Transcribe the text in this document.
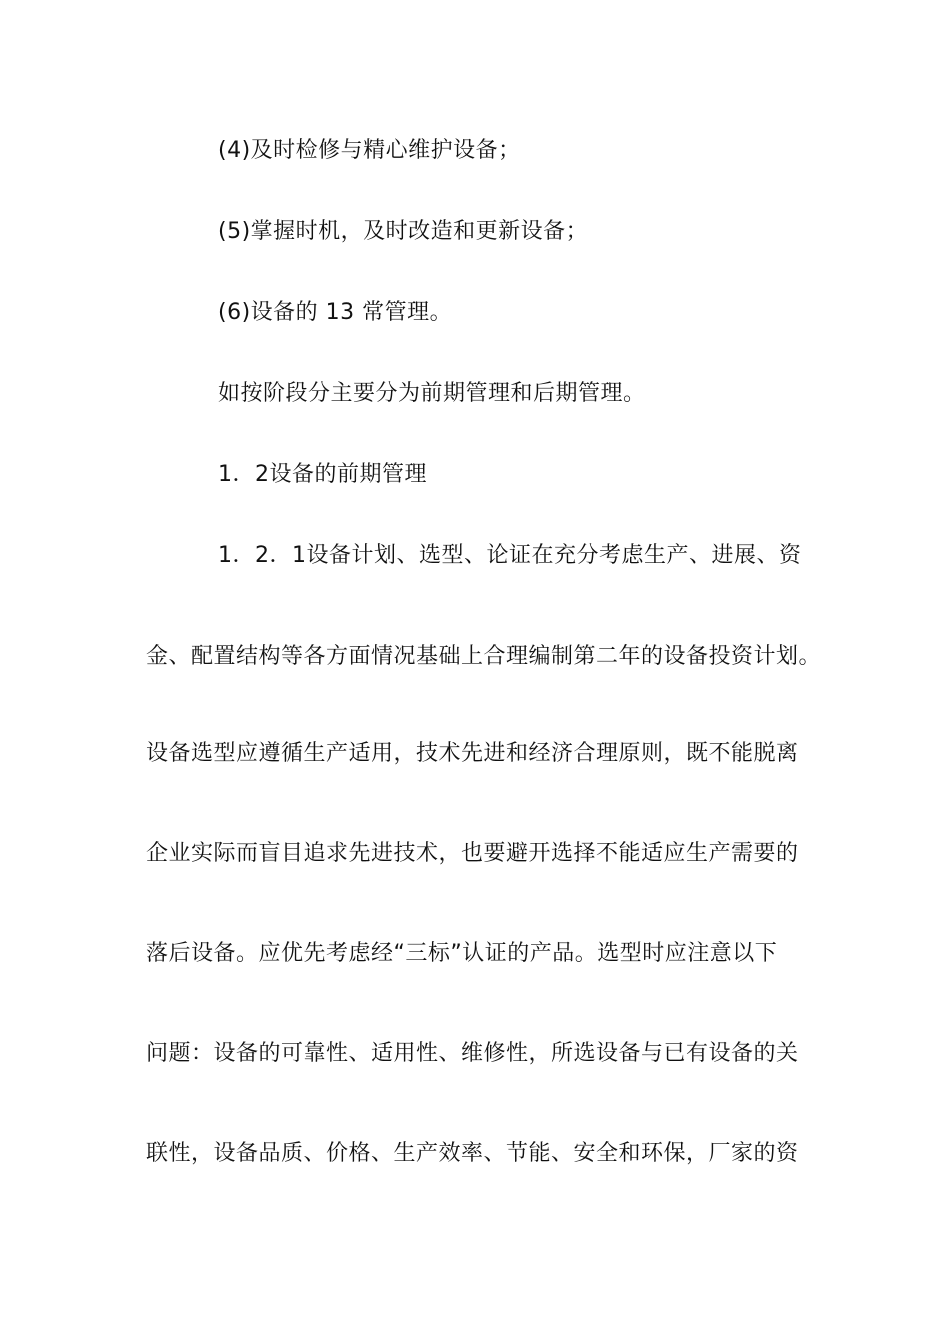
(4)及时检修与精心维护设备；
(5)掌握时机，及时改造和更新设备；
(6)设备的 13 常管理。
如按阶段分主要分为前期管理和后期管理。
1．2设备的前期管理
1．2．1设备计划、选型、论证在充分考虑生产、进展、资
金、配置结构等各方面情况基础上合理编制第二年的设备投资计划。
设备选型应遵循生产适用，技术先进和经济合理原则，既不能脱离
企业实际而盲目追求先进技术，也要避开选择不能适应生产需要的
落后设备。应优先考虑经“三标”认证的产品。选型时应注意以下
问题：设备的可靠性、适用性、维修性，所选设备与已有设备的关
联性，设备品质、价格、生产效率、节能、安全和环保，厂家的资
